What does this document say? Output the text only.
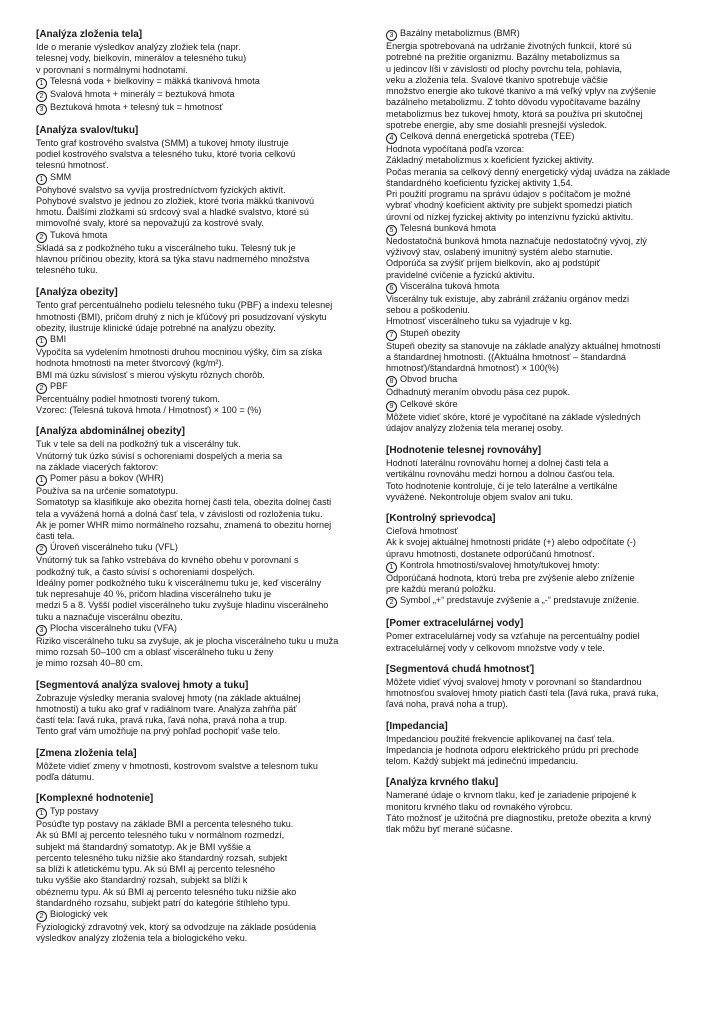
[Analýza zloženia tela]
Ide o meranie výsledkov analýzy zložiek tela (napr.
telesnej vody, bielkovín, minerálov a telesného tuku)
v porovnaní s normálnymi hodnotami.
1 Telesná voda + bielkoviny = mäkká tkanivová hmota
2 Svalová hmota + minerály = beztuková hmota
3 Beztuková hmota + telesný tuk = hmotnosť
[Analýza svalov/tuku]
Tento graf kostrového svalstva (SMM) a tukovej hmoty ilustruje
podiel kostrového svalstva a telesného tuku, ktoré tvoria celkovú
telesnú hmotnosť.
1 SMM
Pohybové svalstvo sa vyvíja prostredníctvom fyzických aktivít.
Pohybové svalstvo je jednou zo zložiek, ktoré tvoria mäkkú tkanivovú
hmotu. Ďalšími zložkami sú srdcový sval a hladké svalstvo, ktoré sú
mimovoľné svaly, ktoré sa nepovažujú za kostrové svaly.
2 Tuková hmota
Skladá sa z podkožného tuku a viscerálneho tuku. Telesný tuk je
hlavnou príčinou obezity, ktorá sa týka stavu nadmerného množstva
telesného tuku.
[Analýza obezity]
Tento graf percentuálneho podielu telesného tuku (PBF) a indexu telesnej
hmotnosti (BMI), pričom druhý z nich je kľúčový pri posudzovaní výskytu
obezity, ilustruje klinické údaje potrebné na analýzu obezity.
1 BMI
Vypočíta sa vydelením hmotnosti druhou mocninou výšky, čím sa získa
hodnota hmotnosti na meter štvorcový (kg/m²).
BMI má úzku súvislosť s mierou výskytu rôznych chorôb.
2 PBF
Percentuálny podiel hmotnosti tvorený tukom.
Vzorec: (Telesná tuková hmota / Hmotnosť) × 100 = (%)
[Analýza abdominálnej obezity]
Tuk v tele sa delí na podkožný tuk a viscerálny tuk.
Vnútorný tuk úzko súvisí s ochoreniami dospelých a meria sa
na základe viacerých faktorov:
1 Pomer pásu a bokov (WHR)
Používa sa na určenie somatotypu.
Somatotyp sa klasifikuje ako obezita hornej časti tela, obezita dolnej časti
tela a vyvážená horná a dolná časť tela, v závislosti od rozloženia tuku.
Ak je pomer WHR mimo normálneho rozsahu, znamená to obezitu hornej
časti tela.
2 Úroveň viscerálneho tuku (VFL)
Vnútorný tuk sa ľahko vstrebáva do krvného obehu v porovnaní s
podkožný tuk, a často súvisí s ochoreniami dospelých.
Ideálny pomer podkožného tuku k viscerálnemu tuku je, keď viscerálny
tuk nepresahuje 40 %, pričom hladina viscerálneho tuku je
medzi 5 a 8. Vyšší podiel viscerálneho tuku zvyšuje hladinu viscerálneho
tuku a naznačuje viscerálnu obezitu.
3 Plocha viscerálneho tuku (VFA)
Riziko viscerálneho tuku sa zvyšuje, ak je plocha viscerálneho tuku u muža
mimo rozsah 50–100 cm a oblasť viscerálneho tuku u ženy
je mimo rozsah 40–80 cm.
[Segmentová analýza svalovej hmoty a tuku]
Zobrazuje výsledky merania svalovej hmoty (na základe aktuálnej
hmotnosti) a tuku ako graf v radiálnom tvare. Analýza zahŕňa päť
častí tela: ľavá ruka, pravá ruka, ľavá noha, pravá noha a trup.
Tento graf vám umožňuje na prvý pohľad pochopiť vaše telo.
[Zmena zloženia tela]
Môžete vidieť zmeny v hmotnosti, kostrovom svalstve a telesnom tuku
podľa dátumu.
[Komplexné hodnotenie]
1 Typ postavy
Posúďte typ postavy na základe BMI a percenta telesného tuku.
Ak sú BMI aj percento telesného tuku v normálnom rozmedzí,
subjekt má štandardný somatotyp. Ak je BMI vyššie a
percento telesného tuku nižšie ako štandardný rozsah, subjekt
sa blíži k atletickému typu. Ak sú BMI aj percento telesného
tuku vyššie ako štandardný rozsah, subjekt sa blíži k
obéznemu typu. Ak sú BMI aj percento telesného tuku nižšie ako
štandardného rozsahu, subjekt patrí do kategórie štíhleho typu.
2 Biologický vek
Fyziologický zdravotný vek, ktorý sa odvodzuje na základe posúdenia
výsledkov analýzy zloženia tela a biologického veku.
3 Bazálny metabolizmus (BMR)
Energia spotrebovaná na udržanie životných funkcií, ktoré sú
potrebné na prežitie organizmu. Bazálny metabolizmus sa
u jedincov líši v závislosti od plochy povrchu tela, pohlavia,
veku a zloženia tela. Svalové tkanivo spotrebuje väčšie
množstvo energie ako tukové tkanivo a má veľký vplyv na zvýšenie
bazálneho metabolizmu. Z tohto dôvodu vypočítavame bazálny
metabolizmus bez tukovej hmoty, ktorá sa používa pri skutočnej
spotrebe energie, aby sme dosiahli presnejší výsledok.
4 Celková denná energetická spotreba (TEE)
Hodnota vypočítaná podľa vzorca:
Základný metabolizmus x koeficient fyzickej aktivity.
Počas merania sa celkový denný energetický výdaj uvádza na základe
štandardného koeficientu fyzickej aktivity 1,54.
Pri použití programu na správu údajov s počítačom je možné
vybrať vhodný koeficient aktivity pre subjekt spomedzi piatich
úrovní od nízkej fyzickej aktivity po intenzívnu fyzickú aktivitu.
5 Telesná bunková hmota
Nedostatočná bunková hmota naznačuje nedostatočný vývoj, zlý
výživový stav, oslabený imunitný systém alebo starnutie.
Odporúča sa zvýšiť príjem bielkovín, ako aj podstúpiť
pravidelné cvičenie a fyzickú aktivitu.
6 Viscerálna tuková hmota
Viscerálny tuk existuje, aby zabránil zrážaniu orgánov medzi
sebou a poškodeniu.
Hmotnosť viscerálneho tuku sa vyjadruje v kg.
7 Stupeň obezity
Stupeň obezity sa stanovuje na základe analýzy aktuálnej hmotnosti
a štandardnej hmotnosti. ((Aktuálna hmotnosť – štandardná
hmotnosť)/štandardná hmotnosť) × 100(%)
8 Obvod brucha
Odhadnutý meraním obvodu pása cez pupok.
9 Celkové skóre
Môžete vidieť skóre, ktoré je vypočítané na základe výsledných
údajov analýzy zloženia tela meranej osoby.
[Hodnotenie telesnej rovnováhy]
Hodnotí laterálnu rovnováhu hornej a dolnej časti tela a
vertikálnu rovnováhu medzi hornou a dolnou časťou tela.
Toto hodnotenie kontroluje, či je telo laterálne a vertikálne
vyvážené. Nekontroluje objem svalov ani tuku.
[Kontrolný sprievodca]
Cieľová hmotnosť
Ak k svojej aktuálnej hmotnosti pridáte (+) alebo odpočítate (-)
úpravu hmotnosti, dostanete odporúčanú hmotnosť.
1 Kontrola hmotnosti/svalovej hmoty/tukovej hmoty:
Odporúčaná hodnota, ktorú treba pre zvýšenie alebo zníženie
pre každú meranú položku.
2 Symbol „+“ predstavuje zvýšenie a „-“ predstavuje zníženie.
[Pomer extracelulárnej vody]
Pomer extracelulárnej vody sa vzťahuje na percentuálny podiel
extracelulárnej vody v celkovom množstve vody v tele.
[Segmentová chudá hmotnosť]
Môžete vidieť vývoj svalovej hmoty v porovnaní so štandardnou
hmotnosťou svalovej hmoty piatich častí tela (ľavá ruka, pravá ruka,
ľavá noha, pravá noha a trup).
[Impedancia]
Impedanciou použité frekvencie aplikovanej na časť tela.
Impedancia je hodnota odporu elektrického prúdu pri prechode
telom. Každý subjekt má jedinečnú impedanciu.
[Analýza krvného tlaku]
Namerané údaje o krvnom tlaku, keď je zariadenie pripojené k
monitoru krvného tlaku od rovnakého výrobcu.
Táto možnosť je užitočná pre diagnostiku, pretože obezita a krvný
tlak môžu byť merané súčasne.
